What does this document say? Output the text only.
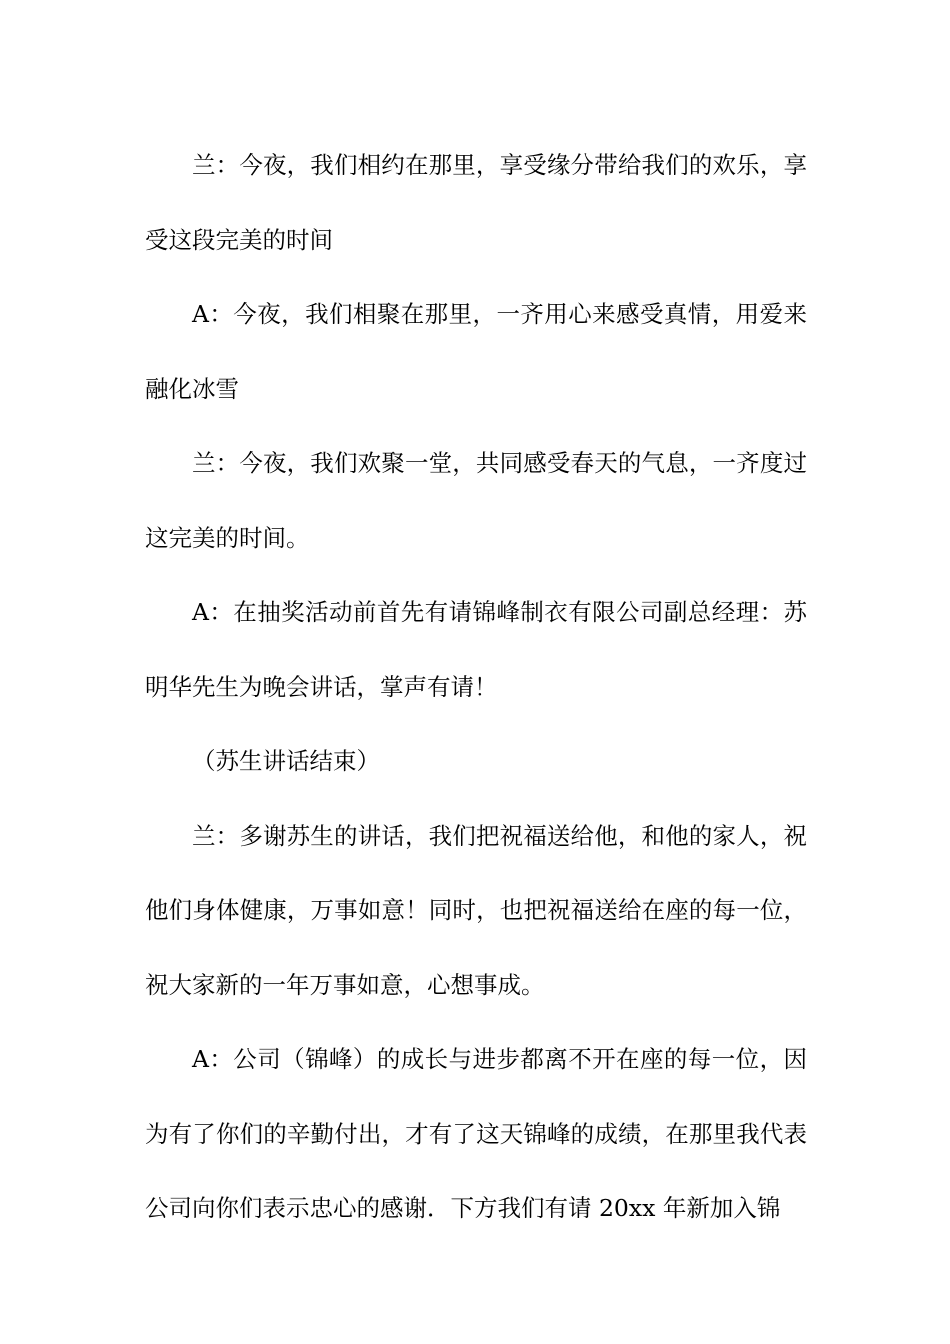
兰：今夜，我们相约在那里，享受缘分带给我们的欢乐，享受这段完美的时间

A：今夜，我们相聚在那里，一齐用心来感受真情，用爱来融化冰雪

兰：今夜，我们欢聚一堂，共同感受春天的气息，一齐度过这完美的时间。

A：在抽奖活动前首先有请锦峰制衣有限公司副总经理：苏明华先生为晚会讲话，掌声有请！

（苏生讲话结束）

兰：多谢苏生的讲话，我们把祝福送给他，和他的家人，祝他们身体健康，万事如意！同时，也把祝福送给在座的每一位，祝大家新的一年万事如意，心想事成。

A：公司（锦峰）的成长与进步都离不开在座的每一位，因为有了你们的辛勤付出，才有了这天锦峰的成绩，在那里我代表公司向你们表示忠心的感谢．下方我们有请 20xx 年新加入锦
